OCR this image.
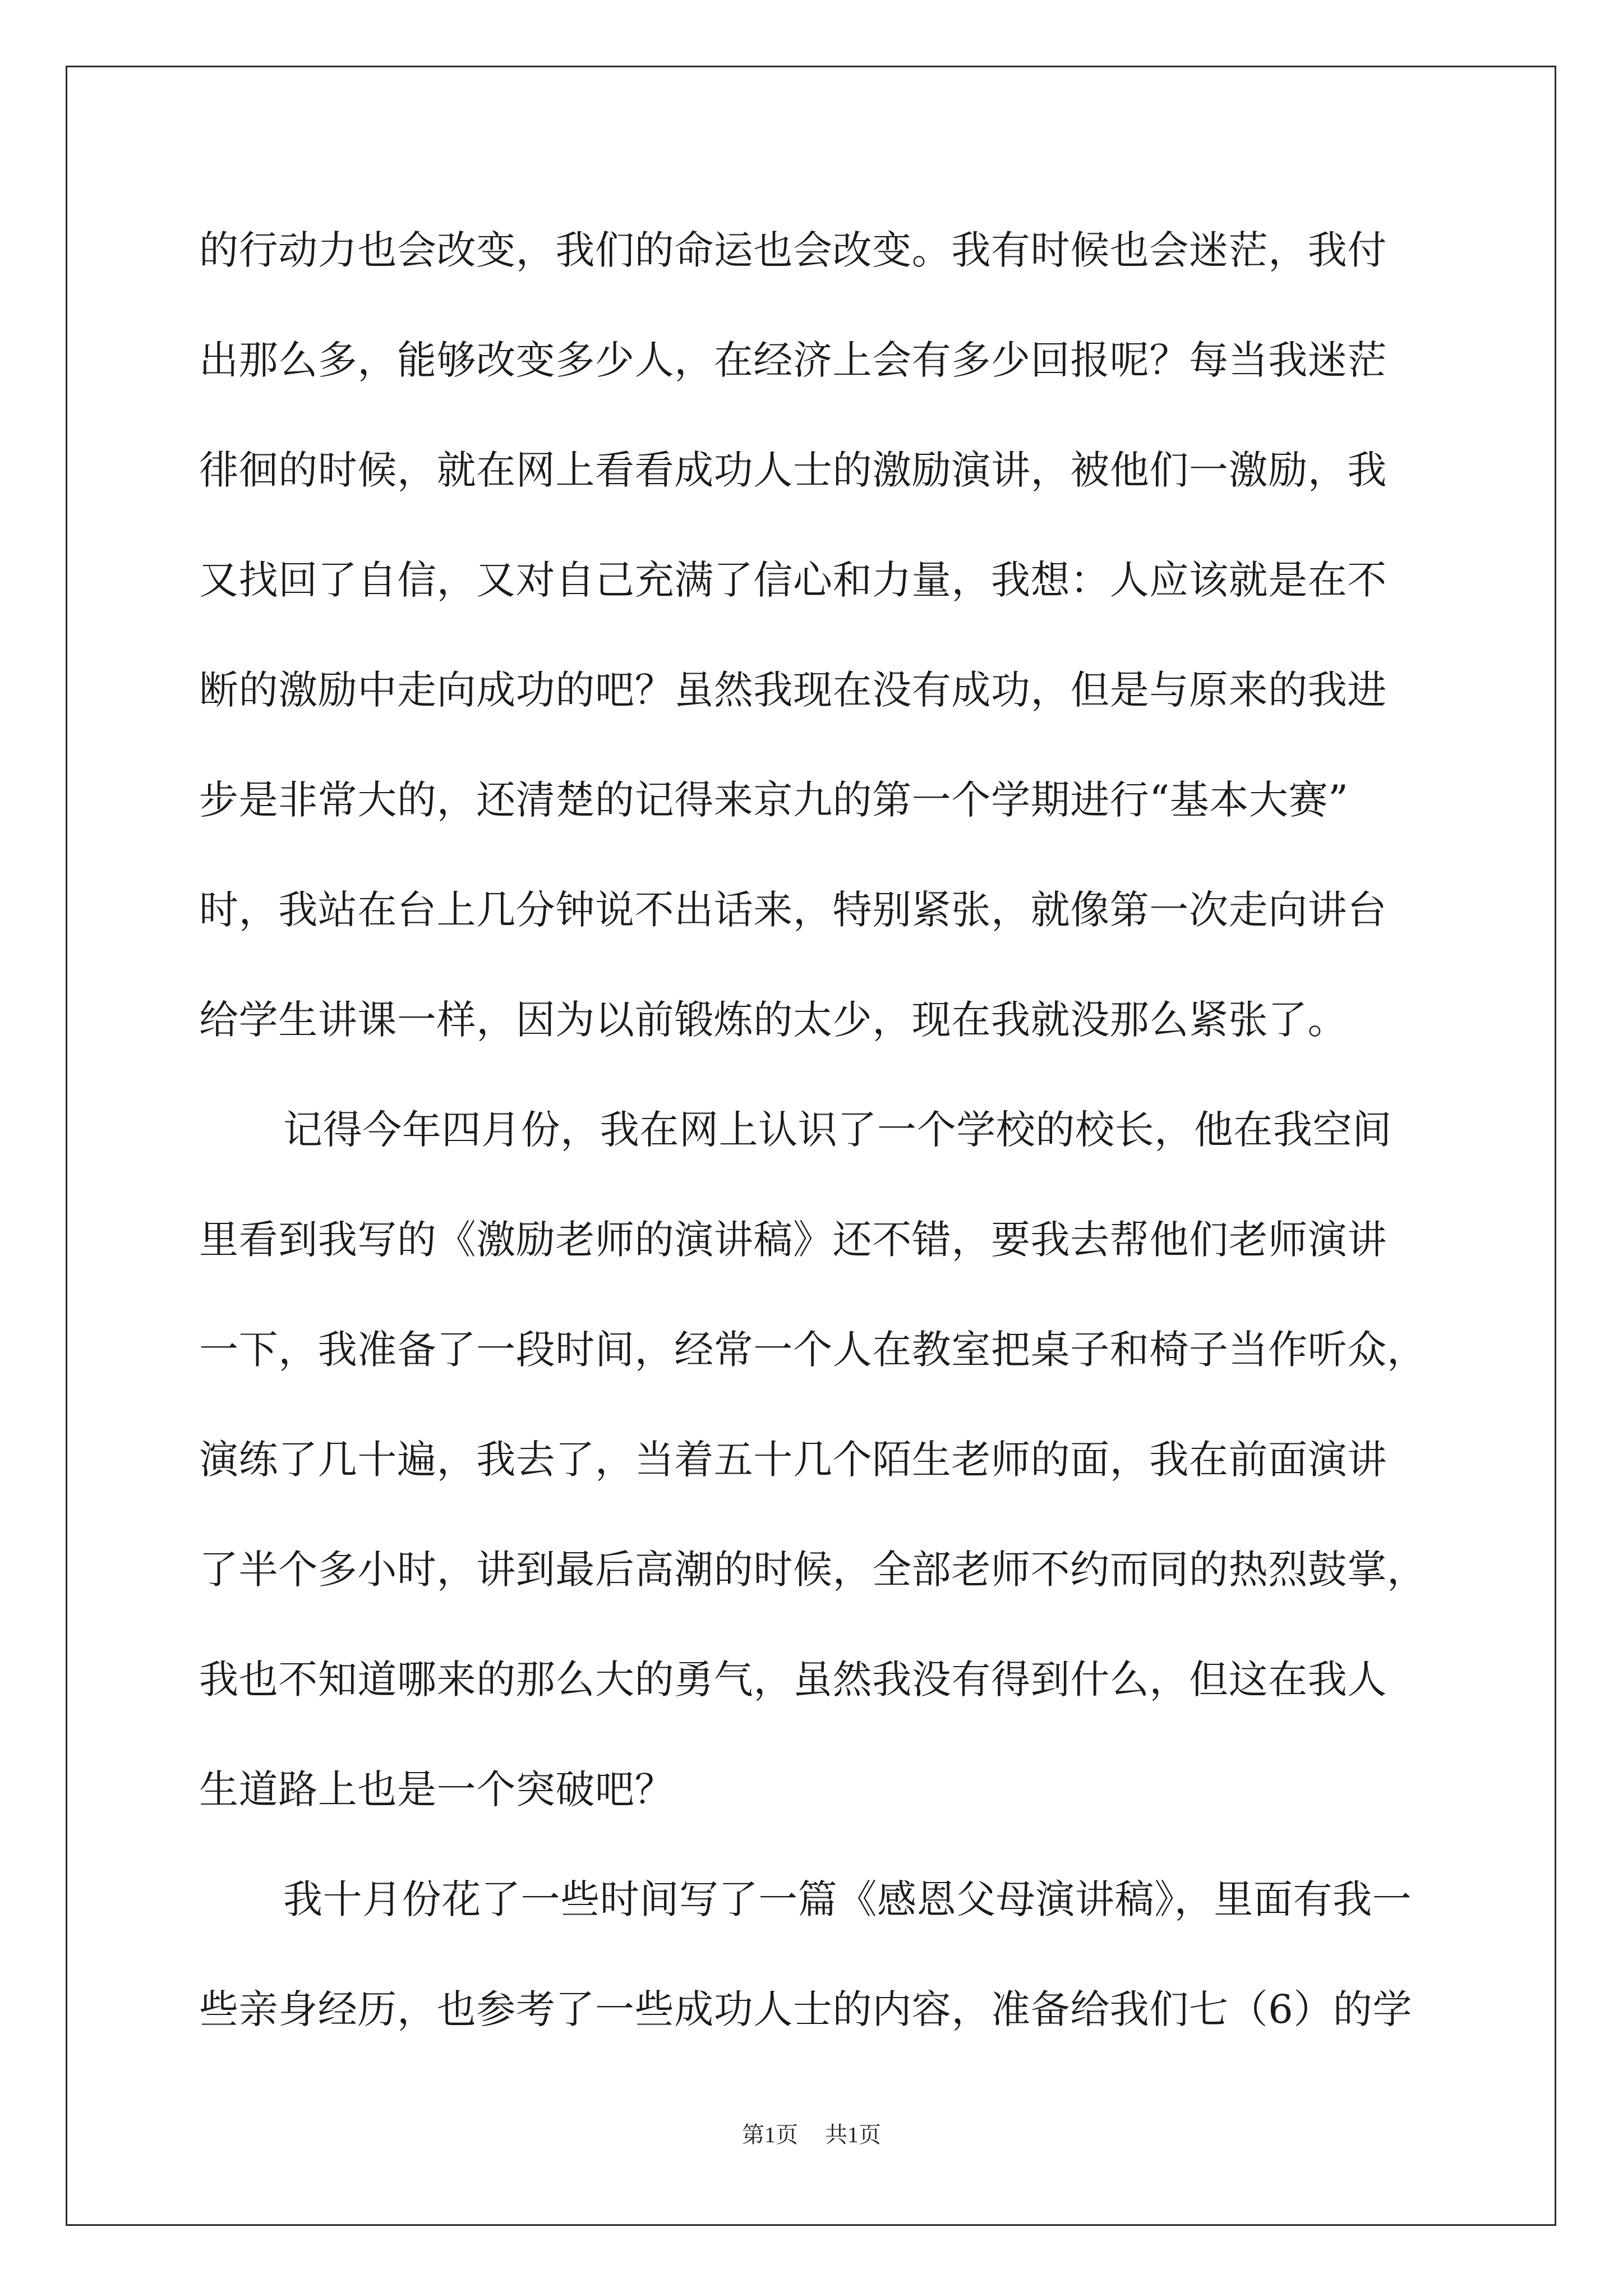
的行动力也会改变，我们的命运也会改变。我有时候也会迷茫，我付
出那么多，能够改变多少人，在经济上会有多少回报呢？每当我迷茫
徘徊的时候，就在网上看看成功人士的激励演讲，被他们一激励，我
又找回了自信，又对自己充满了信心和力量，我想：人应该就是在不
断的激励中走向成功的吧？虽然我现在没有成功，但是与原来的我进
步是非常大的，还清楚的记得来京九的第一个学期进行“基本大赛”
时，我站在台上几分钟说不出话来，特别紧张，就像第一次走向讲台
给学生讲课一样，因为以前锻炼的太少，现在我就没那么紧张了。
记得今年四月份，我在网上认识了一个学校的校长，他在我空间
里看到我写的《激励老师的演讲稿》还不错，要我去帮他们老师演讲
一下，我准备了一段时间，经常一个人在教室把桌子和椅子当作听众，
演练了几十遍，我去了，当着五十几个陌生老师的面，我在前面演讲
了半个多小时，讲到最后高潮的时候，全部老师不约而同的热烈鼓掌，
我也不知道哪来的那么大的勇气，虽然我没有得到什么，但这在我人
生道路上也是一个突破吧？
我十月份花了一些时间写了一篇《感恩父母演讲稿》，里面有我一
些亲身经历，也参考了一些成功人士的内容，准备给我们七（6）的学
第1页 共1页
